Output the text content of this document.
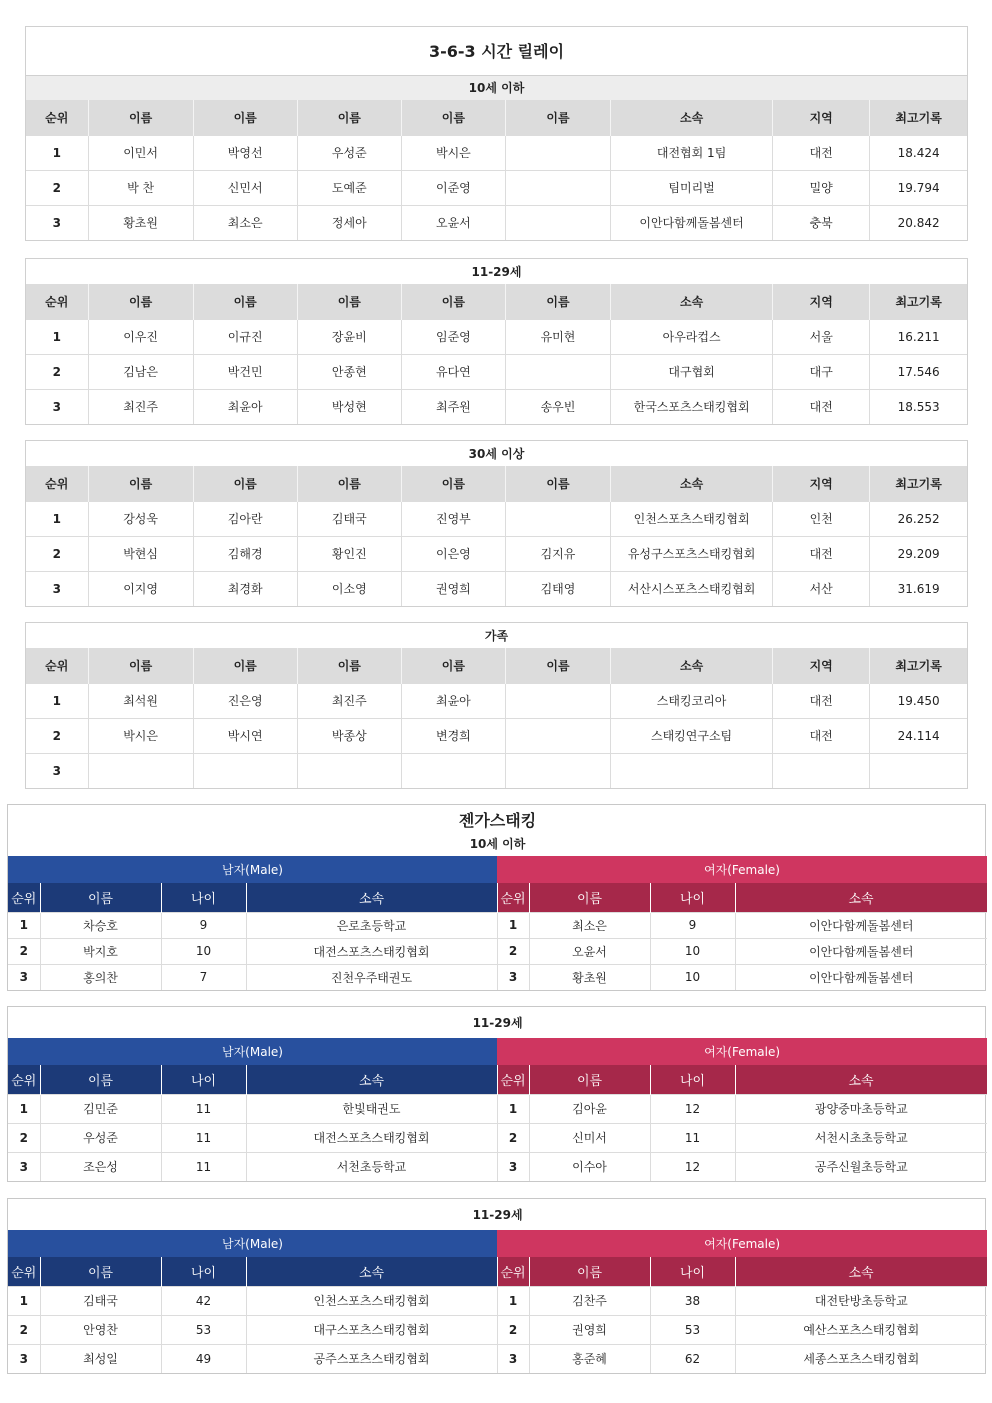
3-6-3 시간 릴레이								
10세 이하								
순위	이름	이름	이름	이름	이름	소속	지역	최고기록
1	이민서	박영선	우성준	박시은		대전협회 1팀	대전	18.424
2	박 찬	신민서	도예준	이준영		팀미리벌	밀양	19.794
3	황초원	최소은	정세아	오윤서		이안다함께돌봄센터	충북	20.842
11-29세								
순위	이름	이름	이름	이름	이름	소속	지역	최고기록
1	이우진	이규진	장윤비	임준영	유미현	아우라컵스	서울	16.211
2	김남은	박건민	안종현	유다연		대구협회	대구	17.546
3	최진주	최윤아	박성현	최주원	송우빈	한국스포츠스태킹협회	대전	18.553
30세 이상								
순위	이름	이름	이름	이름	이름	소속	지역	최고기록
1	강성욱	김아란	김태국	진영부		인천스포츠스태킹협회	인천	26.252
2	박현심	김해경	황인진	이은영	김지유	유성구스포츠스태킹협회	대전	29.209
3	이지영	최경화	이소영	권영희	김태영	서산시스포츠스태킹협회	서산	31.619
가족								
순위	이름	이름	이름	이름	이름	소속	지역	최고기록
1	최석원	진은영	최진주	최윤아		스태킹코리아	대전	19.450
2	박시은	박시연	박종상	변경희		스태킹연구소팀	대전	24.114
3								
젠가스태킹							
10세 이하							
남자(Male)				여자(Female)			
순위	이름	나이	소속	순위	이름	나이	소속
1	차승호	9	은로초등학교	1	최소은	9	이안다함께돌봄센터
2	박지호	10	대전스포츠스태킹협회	2	오윤서	10	이안다함께돌봄센터
3	홍의찬	7	진천우주태권도	3	황초원	10	이안다함께돌봄센터
11-29세							
남자(Male)				여자(Female)			
순위	이름	나이	소속	순위	이름	나이	소속
1	김민준	11	한빛태권도	1	김아윤	12	광양중마초등학교
2	우성준	11	대전스포츠스태킹협회	2	신미서	11	서천시초초등학교
3	조은성	11	서천초등학교	3	이수아	12	공주신월초등학교
11-29세							
남자(Male)				여자(Female)			
순위	이름	나이	소속	순위	이름	나이	소속
1	김태국	42	인천스포츠스태킹협회	1	김찬주	38	대전탄방초등학교
2	안영찬	53	대구스포츠스태킹협회	2	권영희	53	예산스포츠스태킹협회
3	최성일	49	공주스포츠스태킹협회	3	홍준혜	62	세종스포츠스태킹협회
